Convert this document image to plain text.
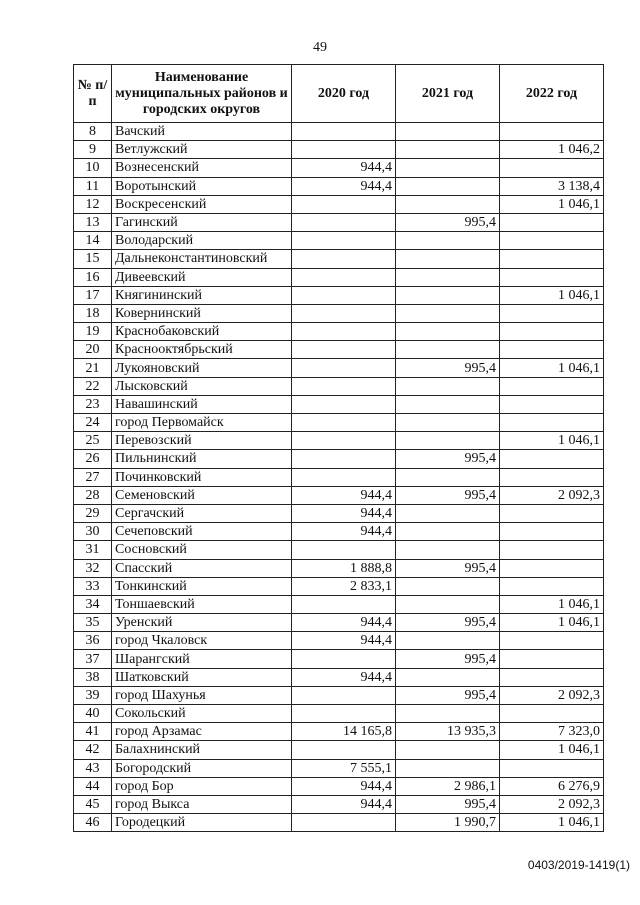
49
№ п/п	Наименование муниципальных районов и городских округов	2020 год	2021 год	2022 год
8	Вачский			
9	Ветлужский			1 046,2
10	Вознесенский	944,4		
11	Воротынский	944,4		3 138,4
12	Воскресенский			1 046,1
13	Гагинский		995,4	
14	Володарский			
15	Дальнеконстантиновский			
16	Дивеевский			
17	Княгининский			1 046,1
18	Ковернинский			
19	Краснобаковский			
20	Краснооктябрьский			
21	Лукояновский		995,4	1 046,1
22	Лысковский			
23	Навашинский			
24	город Первомайск			
25	Перевозский			1 046,1
26	Пильнинский		995,4	
27	Починковский			
28	Семеновский	944,4	995,4	2 092,3
29	Сергачский	944,4		
30	Сечеповский	944,4		
31	Сосновский			
32	Спасский	1 888,8	995,4	
33	Тонкинский	2 833,1		
34	Тоншаевский			1 046,1
35	Уренский	944,4	995,4	1 046,1
36	город Чкаловск	944,4		
37	Шарангский		995,4	
38	Шатковский	944,4		
39	город Шахунья		995,4	2 092,3
40	Сокольский			
41	город Арзамас	14 165,8	13 935,3	7 323,0
42	Балахнинский			1 046,1
43	Богородский	7 555,1		
44	город Бор	944,4	2 986,1	6 276,9
45	город Выкса	944,4	995,4	2 092,3
46	Городецкий		1 990,7	1 046,1
0403/2019-1419(1)
